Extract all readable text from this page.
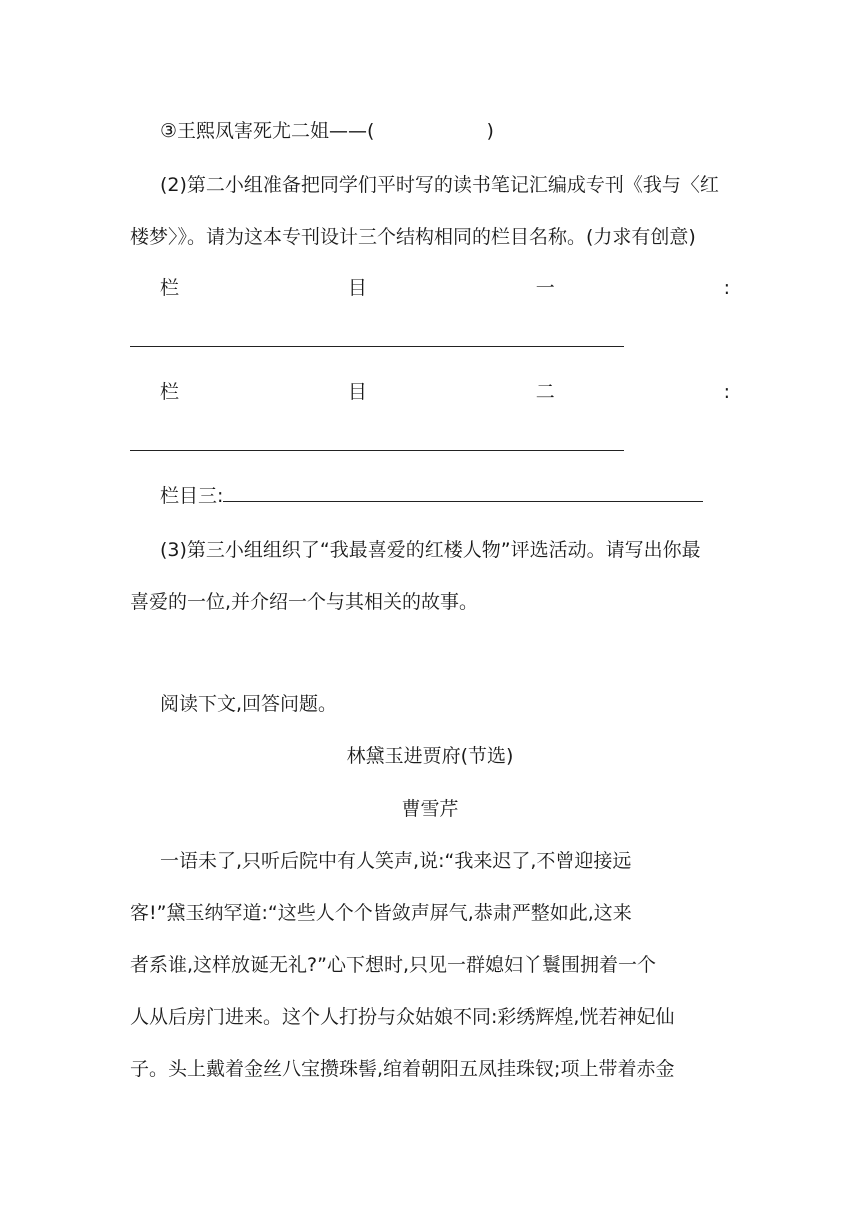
③王熙凤害死尤二姐——(	)
(2)第二小组准备把同学们平时写的读书笔记汇编成专刊《我与〈红
楼梦〉》。请为这本专刊设计三个结构相同的栏目名称。(力求有创意)
栏	目	一	:
栏	目	二	:
栏目三:
(3)第三小组组织了“我最喜爱的红楼人物”评选活动。请写出你最
喜爱的一位,并介绍一个与其相关的故事。
阅读下文,回答问题。
林黛玉进贾府(节选)
曹雪芹
一语未了,只听后院中有人笑声,说:“我来迟了,不曾迎接远
客!”黛玉纳罕道:“这些人个个皆敛声屏气,恭肃严整如此,这来
者系谁,这样放诞无礼?”心下想时,只见一群媳妇丫鬟围拥着一个
人从后房门进来。这个人打扮与众姑娘不同:彩绣辉煌,恍若神妃仙
子。头上戴着金丝八宝攒珠髻,绾着朝阳五凤挂珠钗;项上带着赤金
